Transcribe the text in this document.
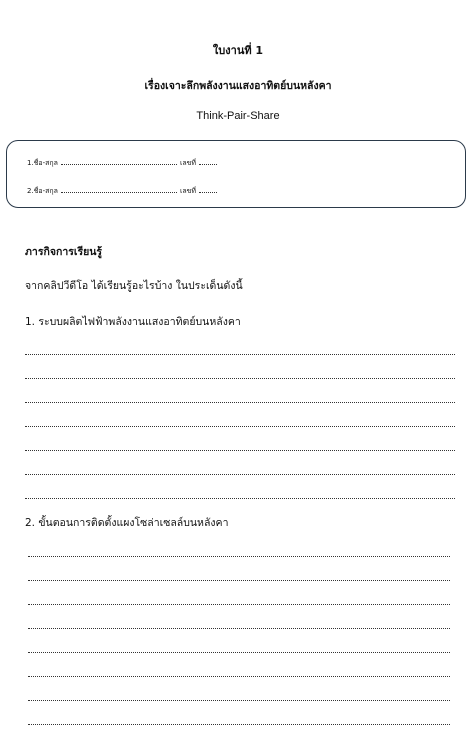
ใบงานที่ 1
เรื่องเจาะลึกพลังงานแสงอาทิตย์บนหลังคา
Think-Pair-Share
1.ชื่อ-สกุล	เลขที่
2.ชื่อ-สกุล	เลขที่
ภารกิจการเรียนรู้
จากคลิปวีดีโอ ได้เรียนรู้อะไรบ้าง ในประเด็นดังนี้
1. ระบบผลิตไฟฟ้าพลังงานแสงอาทิตย์บนหลังคา
2. ขั้นตอนการติดตั้งแผงโซล่าเซลล์บนหลังคา
